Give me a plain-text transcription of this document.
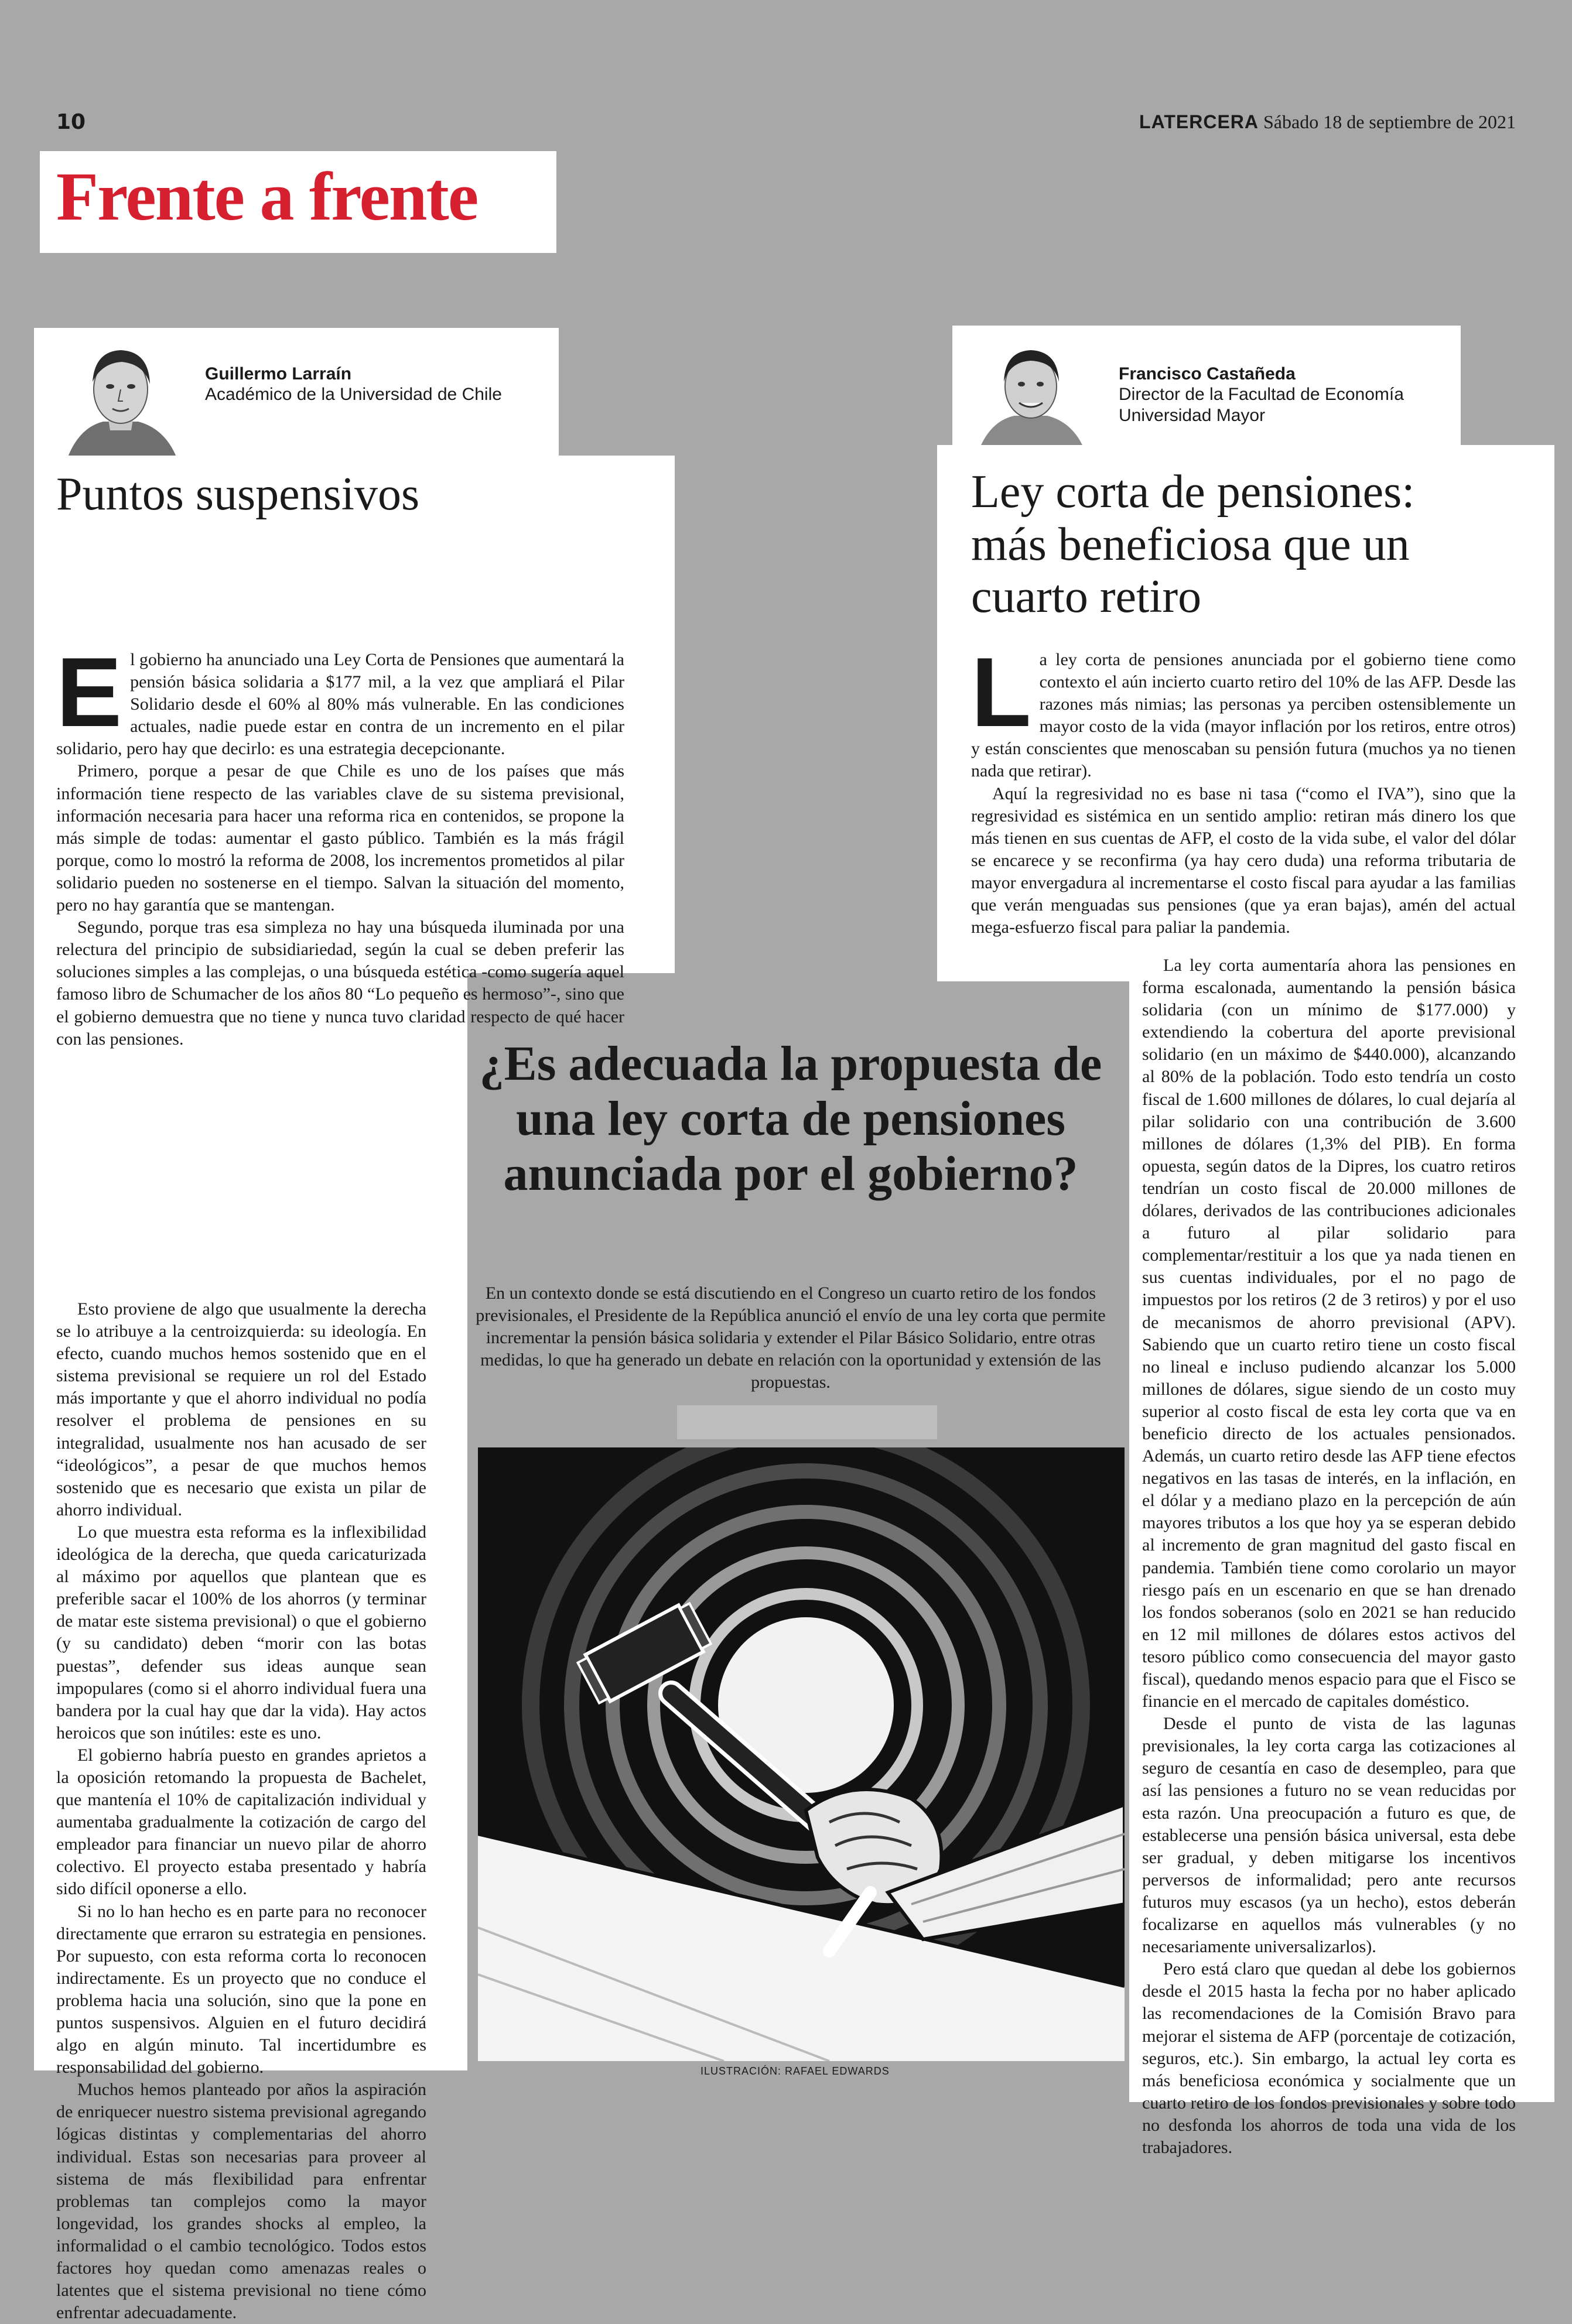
10	LATERCERA Sábado 18 de septiembre de 2021
Frente a frente
Guillermo Larraín
Académico de la Universidad de Chile
Puntos suspensivos

El gobierno ha anunciado una Ley Corta de Pensiones que aumentará la pensión básica solidaria a $177 mil, a la vez que ampliará el Pilar Solidario desde el 60% al 80% más vulnerable. En las condiciones actuales, nadie puede estar en contra de un incremento en el pilar solidario, pero hay que decirlo: es una estrategia decepcionante.

Primero, porque a pesar de que Chile es uno de los países que más información tiene respecto de las variables clave de su sistema previsional, información necesaria para hacer una reforma rica en contenidos, se propone la más simple de todas: aumentar el gasto público. También es la más frágil porque, como lo mostró la reforma de 2008, los incrementos prometidos al pilar solidario pueden no sostenerse en el tiempo. Salvan la situación del momento, pero no hay garantía que se mantengan.

Segundo, porque tras esa simpleza no hay una búsqueda iluminada por una relectura del principio de subsidiariedad, según la cual se deben preferir las soluciones simples a las complejas, o una búsqueda estética -como sugería aquel famoso libro de Schumacher de los años 80 “Lo pequeño es hermoso”-, sino que el gobierno demuestra que no tiene y nunca tuvo claridad respecto de qué hacer con las pensiones.

Esto proviene de algo que usualmente la derecha se lo atribuye a la centroizquierda: su ideología. En efecto, cuando muchos hemos sostenido que en el sistema previsional se requiere un rol del Estado más importante y que el ahorro individual no podía resolver el problema de pensiones en su integralidad, usualmente nos han acusado de ser “ideológicos”, a pesar de que muchos hemos sostenido que es necesario que exista un pilar de ahorro individual.

Lo que muestra esta reforma es la inflexibilidad ideológica de la derecha, que queda caricaturizada al máximo por aquellos que plantean que es preferible sacar el 100% de los ahorros (y terminar de matar este sistema previsional) o que el gobierno (y su candidato) deben “morir con las botas puestas”, defender sus ideas aunque sean impopulares (como si el ahorro individual fuera una bandera por la cual hay que dar la vida). Hay actos heroicos que son inútiles: este es uno.

El gobierno habría puesto en grandes aprietos a la oposición retomando la propuesta de Bachelet, que mantenía el 10% de capitalización individual y aumentaba gradualmente la cotización de cargo del empleador para financiar un nuevo pilar de ahorro colectivo. El proyecto estaba presentado y habría sido difícil oponerse a ello.

Si no lo han hecho es en parte para no reconocer directamente que erraron su estrategia en pensiones. Por supuesto, con esta reforma corta lo reconocen indirectamente. Es un proyecto que no conduce el problema hacia una solución, sino que la pone en puntos suspensivos. Alguien en el futuro decidirá algo en algún minuto. Tal incertidumbre es responsabilidad del gobierno.

Muchos hemos planteado por años la aspiración de enriquecer nuestro sistema previsional agregando lógicas distintas y complementarias del ahorro individual. Estas son necesarias para proveer al sistema de más flexibilidad para enfrentar problemas tan complejos como la mayor longevidad, los grandes shocks al empleo, la informalidad o el cambio tecnológico. Todos estos factores hoy quedan como amenazas reales o latentes que el sistema previsional no tiene cómo enfrentar adecuadamente.

Francisco Castañeda
Director de la Facultad de Economía
Universidad Mayor
Ley corta de pensiones: más beneficiosa que un cuarto retiro

La ley corta de pensiones anunciada por el gobierno tiene como contexto el aún incierto cuarto retiro del 10% de las AFP. Desde las razones más nimias; las personas ya perciben ostensiblemente un mayor costo de la vida (mayor inflación por los retiros, entre otros) y están conscientes que menoscaban su pensión futura (muchos ya no tienen nada que retirar).

Aquí la regresividad no es base ni tasa (“como el IVA”), sino que la regresividad es sistémica en un sentido amplio: retiran más dinero los que más tienen en sus cuentas de AFP, el costo de la vida sube, el valor del dólar se encarece y se reconfirma (ya hay cero duda) una reforma tributaria de mayor envergadura al incrementarse el costo fiscal para ayudar a las familias que verán menguadas sus pensiones (que ya eran bajas), amén del actual mega-esfuerzo fiscal para paliar la pandemia.

La ley corta aumentaría ahora las pensiones en forma escalonada, aumentando la pensión básica solidaria (con un mínimo de $177.000) y extendiendo la cobertura del aporte previsional solidario (en un máximo de $440.000), alcanzando al 80% de la población. Todo esto tendría un costo fiscal de 1.600 millones de dólares, lo cual dejaría al pilar solidario con una contribución de 3.600 millones de dólares (1,3% del PIB). En forma opuesta, según datos de la Dipres, los cuatro retiros tendrían un costo fiscal de 20.000 millones de dólares, derivados de las contribuciones adicionales a futuro al pilar solidario para complementar/restituir a los que ya nada tienen en sus cuentas individuales, por el no pago de impuestos por los retiros (2 de 3 retiros) y por el uso de mecanismos de ahorro previsional (APV). Sabiendo que un cuarto retiro tiene un costo fiscal no lineal e incluso pudiendo alcanzar los 5.000 millones de dólares, sigue siendo de un costo muy superior al costo fiscal de esta ley corta que va en beneficio directo de los actuales pensionados. Además, un cuarto retiro desde las AFP tiene efectos negativos en las tasas de interés, en la inflación, en el dólar y a mediano plazo en la percepción de aún mayores tributos a los que hoy ya se esperan debido al incremento de gran magnitud del gasto fiscal en pandemia. También tiene como corolario un mayor riesgo país en un escenario en que se han drenado los fondos soberanos (solo en 2021 se han reducido en 12 mil millones de dólares estos activos del tesoro público como consecuencia del mayor gasto fiscal), quedando menos espacio para que el Fisco se financie en el mercado de capitales doméstico.

Desde el punto de vista de las lagunas previsionales, la ley corta carga las cotizaciones al seguro de cesantía en caso de desempleo, para que así las pensiones a futuro no se vean reducidas por esta razón. Una preocupación a futuro es que, de establecerse una pensión básica universal, esta debe ser gradual, y deben mitigarse los incentivos perversos de informalidad; pero ante recursos futuros muy escasos (ya un hecho), estos deberán focalizarse en aquellos más vulnerables (y no necesariamente universalizarlos).

Pero está claro que quedan al debe los gobiernos desde el 2015 hasta la fecha por no haber aplicado las recomendaciones de la Comisión Bravo para mejorar el sistema de AFP (porcentaje de cotización, seguros, etc.). Sin embargo, la actual ley corta es más beneficiosa económica y socialmente que un cuarto retiro de los fondos previsionales y sobre todo no desfonda los ahorros de toda una vida de los trabajadores.

¿Es adecuada la propuesta de una ley corta de pensiones anunciada por el gobierno?
En un contexto donde se está discutiendo en el Congreso un cuarto retiro de los fondos previsionales, el Presidente de la República anunció el envío de una ley corta que permite incrementar la pensión básica solidaria y extender el Pilar Básico Solidario, entre otras medidas, lo que ha generado un debate en relación con la oportunidad y extensión de las propuestas.
ILUSTRACIÓN: RAFAEL EDWARDS
